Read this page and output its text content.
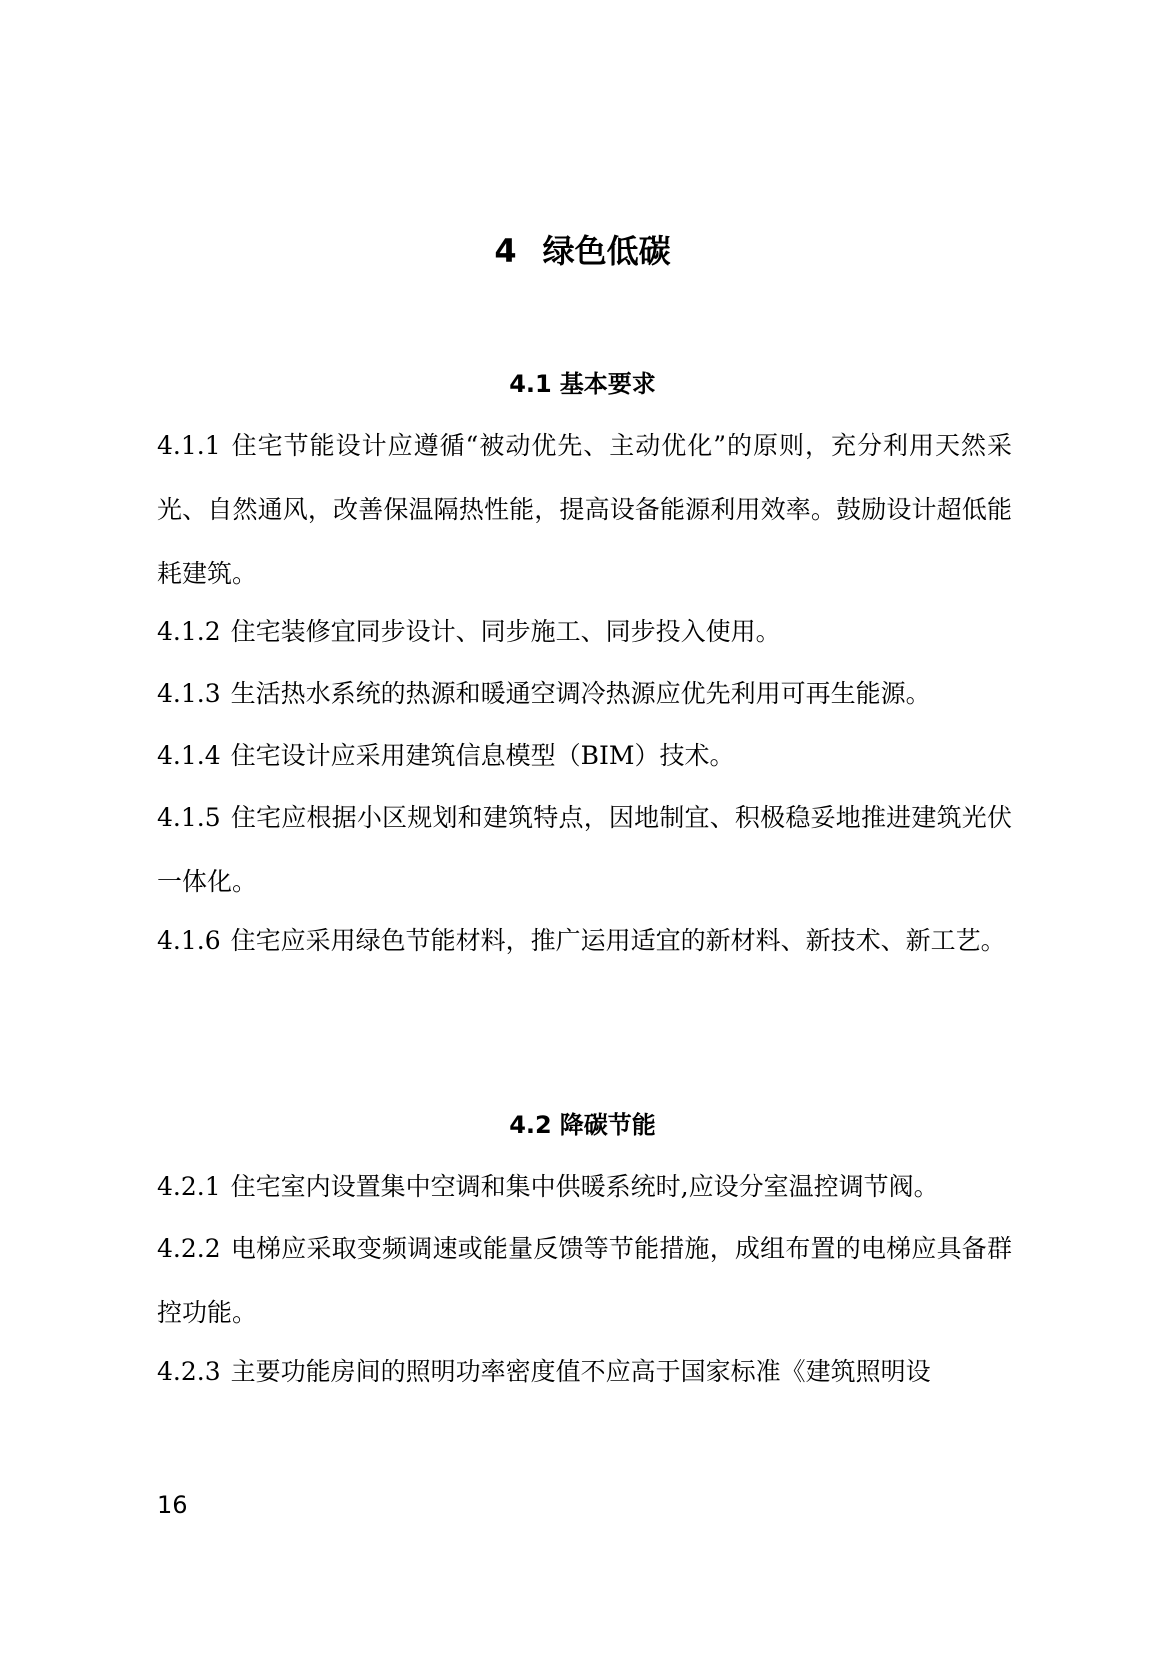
4 绿色低碳
4.1 基本要求

4.1.1 住宅节能设计应遵循“被动优先、主动优化”的原则，充分利用天然采光、自然通风，改善保温隔热性能，提高设备能源利用效率。鼓励设计超低能耗建筑。

4.1.2 住宅装修宜同步设计、同步施工、同步投入使用。

4.1.3 生活热水系统的热源和暖通空调冷热源应优先利用可再生能源。

4.1.4 住宅设计应采用建筑信息模型（BIM）技术。

4.1.5 住宅应根据小区规划和建筑特点，因地制宜、积极稳妥地推进建筑光伏一体化。

4.1.6 住宅应采用绿色节能材料，推广运用适宜的新材料、新技术、新工艺。

4.2 降碳节能

4.2.1 住宅室内设置集中空调和集中供暖系统时,应设分室温控调节阀。

4.2.2 电梯应采取变频调速或能量反馈等节能措施，成组布置的电梯应具备群控功能。

4.2.3 主要功能房间的照明功率密度值不应高于国家标准《建筑照明设

16
